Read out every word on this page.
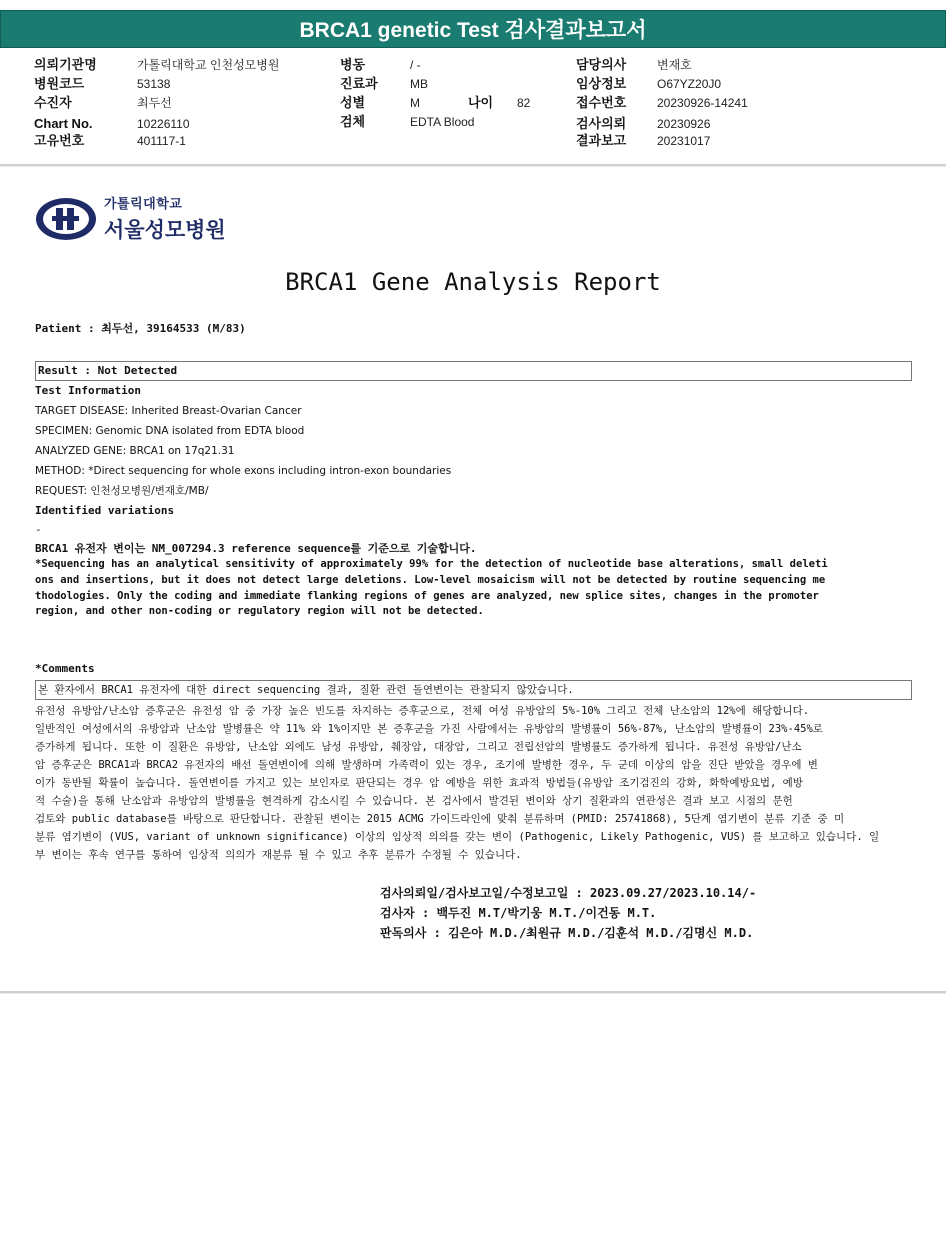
BRCA1 genetic Test 검사결과보고서
의뢰기관명	가톨릭대학교 인천성모병원
병원코드	53138
수진자	최두선
Chart No.	10226110
고유번호	401117-1
병동	/ -
진료과	MB
성별	M	나이 82
검체	EDTA Blood
담당의사	변재호
임상정보	O67YZ20J0
접수번호	20230926-14241
검사의뢰	20230926
결과보고	20231017
가톨릭대학교
서울성모병원
BRCA1 Gene Analysis Report
Patient : 최두선, 39164533 (M/83)
Result : Not Detected
Test Information
TARGET DISEASE: Inherited Breast-Ovarian Cancer
SPECIMEN: Genomic DNA isolated from EDTA blood
ANALYZED GENE: BRCA1 on 17q21.31
METHOD: *Direct sequencing for whole exons including intron-exon boundaries
REQUEST: 인천성모병원/변재호/MB/
Identified variations
-
BRCA1 유전자 변이는 NM_007294.3 reference sequence를 기준으로 기술합니다.
*Sequencing has an analytical sensitivity of approximately 99% for the detection of nucleotide base alterations, small deleti
ons and insertions, but it does not detect large deletions. Low-level mosaicism will not be detected by routine sequencing me
thodologies. Only the coding and immediate flanking regions of genes are analyzed, new splice sites, changes in the promoter
region, and other non-coding or regulatory region will not be detected.
*Comments
본 환자에서 BRCA1 유전자에 대한 direct sequencing 결과, 질환 관련 돌연변이는 관찰되지 않았습니다.
유전성 유방암/난소암 증후군은 유전성 암 중 가장 높은 빈도를 차지하는 증후군으로, 전체 여성 유방암의 5%-10% 그리고 전체 난소암의 12%에 해당합니다.
일반적인 여성에서의 유방암과 난소암 발병률은 약 11% 와 1%이지만 본 증후군을 가진 사람에서는 유방암의 발병률이 56%-87%, 난소암의 발병률이 23%-45%로
증가하게 됩니다. 또한 이 질환은 유방암, 난소암 외에도 남성 유방암, 췌장암, 대장암, 그리고 전립선암의 발병률도 증가하게 됩니다. 유전성 유방암/난소
암 증후군은 BRCA1과 BRCA2 유전자의 배선 돌연변이에 의해 발생하며 가족력이 있는 경우, 조기에 발병한 경우, 두 군데 이상의 암을 진단 받았을 경우에 변
이가 동반될 확률이 높습니다. 돌연변이를 가지고 있는 보인자로 판단되는 경우 암 예방을 위한 효과적 방법들(유방암 조기검진의 강화, 화학예방요법, 예방
적 수술)을 통해 난소암과 유방암의 발병률을 현격하게 감소시킬 수 있습니다. 본 검사에서 발견된 변이와 상기 질환과의 연관성은 결과 보고 시점의 문헌
검토와 public database를 바탕으로 판단합니다. 관찰된 변이는 2015 ACMG 가이드라인에 맞춰 분류하며 (PMID: 25741868), 5단계 염기변이 분류 기준 중 미
분류 염기변이 (VUS, variant of unknown significance) 이상의 임상적 의의를 갖는 변이 (Pathogenic, Likely Pathogenic, VUS) 를 보고하고 있습니다. 일
부 변이는 후속 연구를 통하여 임상적 의의가 재분류 될 수 있고 추후 분류가 수정될 수 있습니다.
검사의뢰일/검사보고일/수정보고일 : 2023.09.27/2023.10.14/-
검사자 : 백두진 M.T/박기웅 M.T./이건동 M.T.
판독의사 : 김은아 M.D./최원규 M.D./김훈석 M.D./김명신 M.D.
